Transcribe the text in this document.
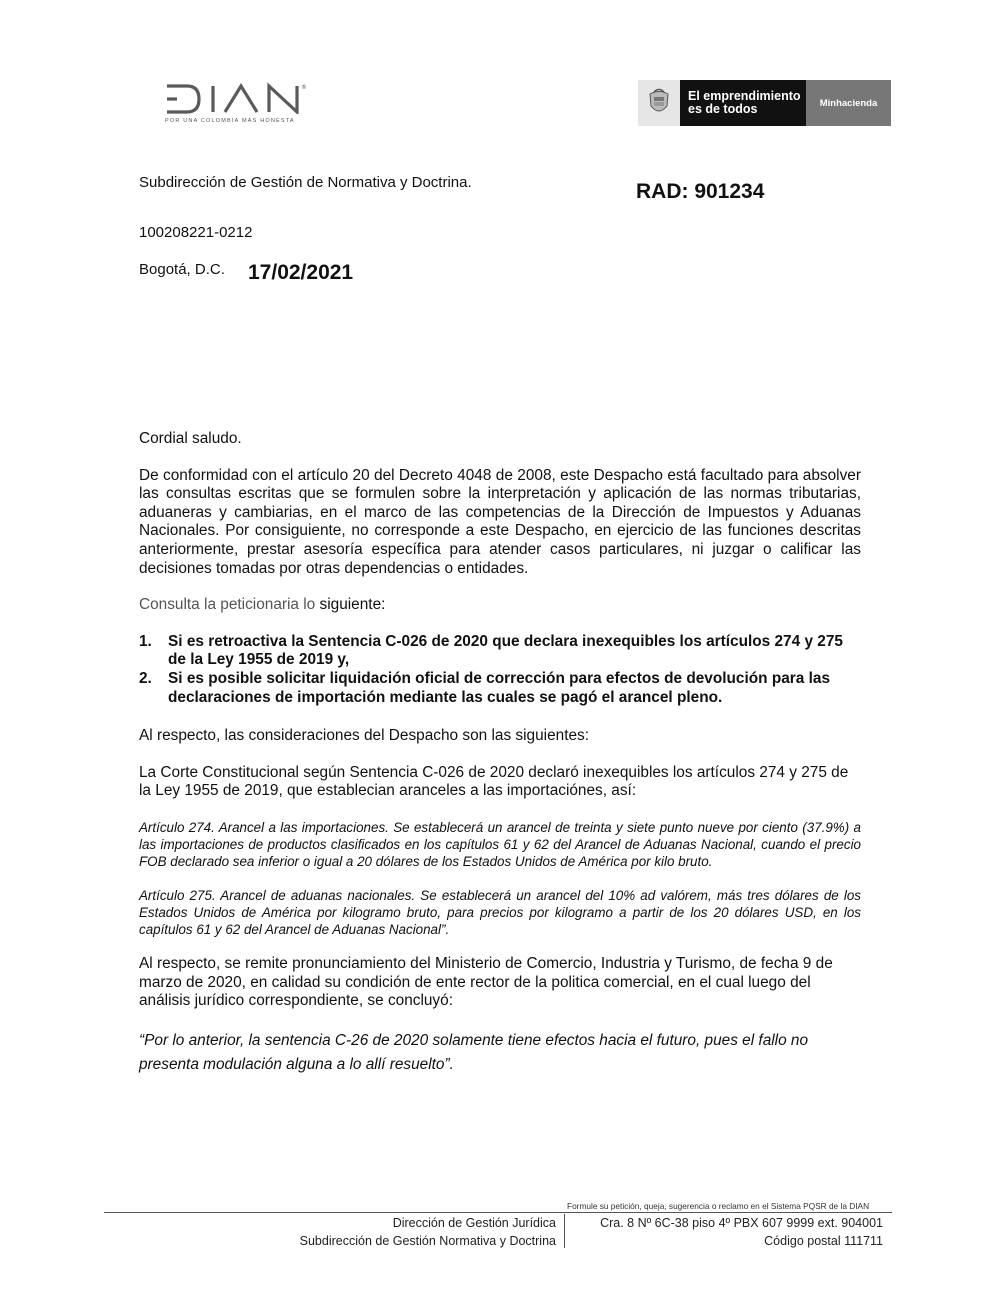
®
POR UNA COLOMBIA MÁS HONESTA
El emprendimiento
es de todos	Minhacienda
Subdirección de Gestión de Normativa y Doctrina.	RAD: 901234
100208221-0212
Bogotá, D.C. 17/02/2021

Cordial saludo.

De conformidad con el artículo 20 del Decreto 4048 de 2008, este Despacho está facultado para absolver las consultas escritas que se formulen sobre la interpretación y aplicación de las normas tributarias, aduaneras y cambiarias, en el marco de las competencias de la Dirección de Impuestos y Aduanas Nacionales. Por consiguiente, no corresponde a este Despacho, en ejercicio de las funciones descritas anteriormente, prestar asesoría específica para atender casos particulares, ni juzgar o calificar las decisiones tomadas por otras dependencias o entidades.

Consulta la peticionaria lo siguiente:

1. Si es retroactiva la Sentencia C-026 de 2020 que declara inexequibles los artículos 274 y 275 de la Ley 1955 de 2019 y,
2. Si es posible solicitar liquidación oficial de corrección para efectos de devolución para las declaraciones de importación mediante las cuales se pagó el arancel pleno.

Al respecto, las consideraciones del Despacho son las siguientes:

La Corte Constitucional según Sentencia C-026 de 2020 declaró inexequibles los artículos 274 y 275 de la Ley 1955 de 2019, que establecian aranceles a las importaciónes, así:

Artículo 274. Arancel a las importaciones. Se establecerá un arancel de treinta y siete punto nueve por ciento (37.9%) a las importaciones de productos clasificados en los capítulos 61 y 62 del Arancel de Aduanas Nacional, cuando el precio FOB declarado sea inferior o igual a 20 dólares de los Estados Unidos de América por kilo bruto.

Artículo 275. Arancel de aduanas nacionales. Se establecerá un arancel del 10% ad valórem, más tres dólares de los Estados Unidos de América por kilogramo bruto, para precios por kilogramo a partir de los 20 dólares USD, en los capítulos 61 y 62 del Arancel de Aduanas Nacional”.

Al respecto, se remite pronunciamiento del Ministerio de Comercio, Industria y Turismo, de fecha 9 de marzo de 2020, en calidad su condición de ente rector de la politica comercial, en el cual luego del análisis jurídico correspondiente, se concluyó:

“Por lo anterior, la sentencia C-26 de 2020 solamente tiene efectos hacia el futuro, pues el fallo no presenta modulación alguna a lo allí resuelto”.

Formule su petición, queja, sugerencia o reclamo en el Sistema PQSR de la DIAN
Dirección de Gestión Jurídica
Subdirección de Gestión Normativa y Doctrina
Cra. 8 Nº 6C-38 piso 4º PBX 607 9999 ext. 904001
Código postal 111711
